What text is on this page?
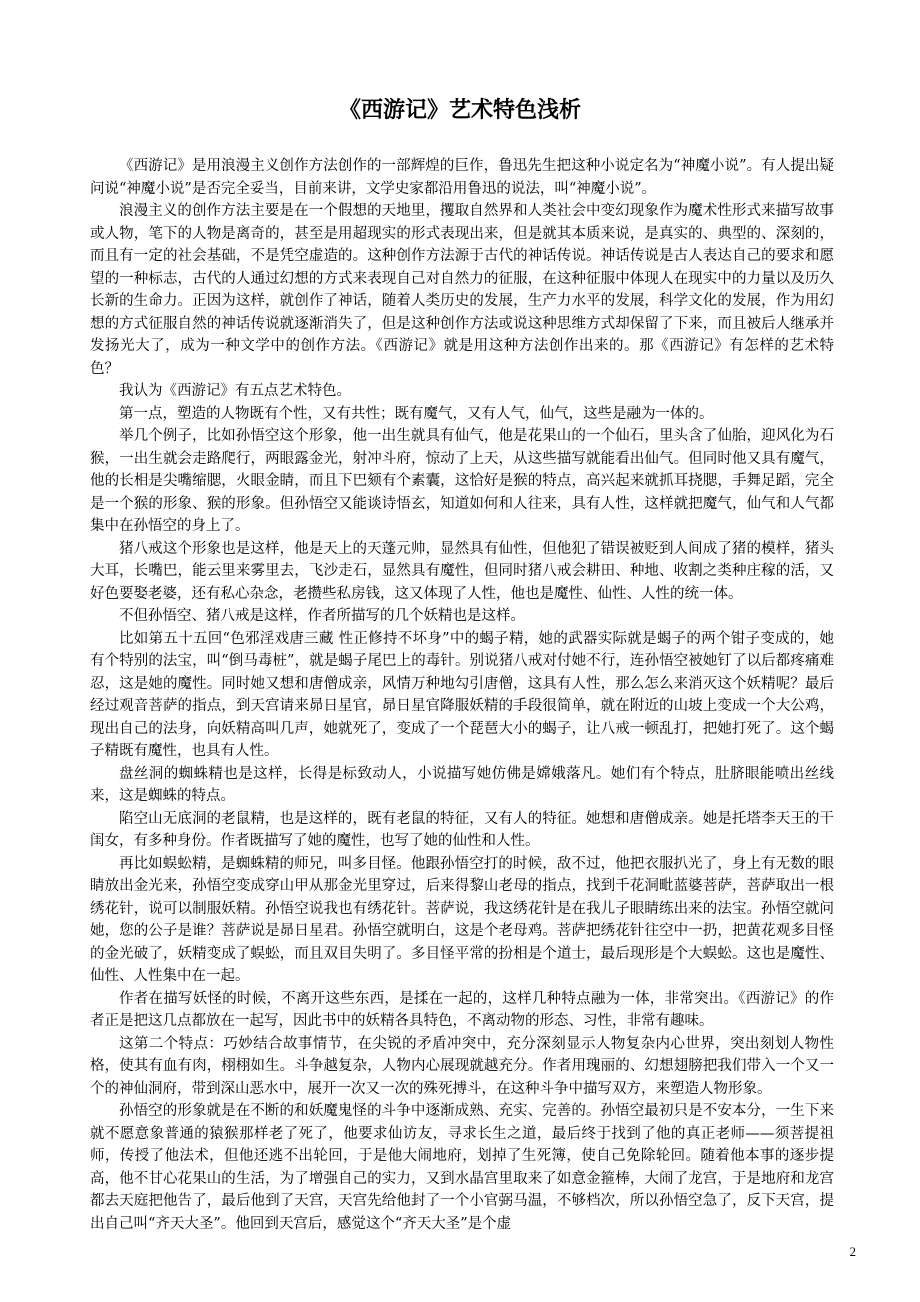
《西游记》艺术特色浅析

《西游记》是用浪漫主义创作方法创作的一部辉煌的巨作，鲁迅先生把这种小说定名为“神魔小说”。有人提出疑问说“神魔小说”是否完全妥当，目前来讲，文学史家都沿用鲁迅的说法，叫“神魔小说”。

浪漫主义的创作方法主要是在一个假想的天地里，攫取自然界和人类社会中变幻现象作为魔术性形式来描写故事或人物，笔下的人物是离奇的，甚至是用超现实的形式表现出来，但是就其本质来说，是真实的、典型的、深刻的，而且有一定的社会基础，不是凭空虚造的。这种创作方法源于古代的神话传说。神话传说是古人表达自己的要求和愿望的一种标志，古代的人通过幻想的方式来表现自己对自然力的征服，在这种征服中体现人在现实中的力量以及历久长新的生命力。正因为这样，就创作了神话，随着人类历史的发展，生产力水平的发展，科学文化的发展，作为用幻想的方式征服自然的神话传说就逐渐消失了，但是这种创作方法或说这种思维方式却保留了下来，而且被后人继承并发扬光大了，成为一种文学中的创作方法。《西游记》就是用这种方法创作出来的。那《西游记》有怎样的艺术特色？

我认为《西游记》有五点艺术特色。

第一点，塑造的人物既有个性，又有共性；既有魔气，又有人气，仙气，这些是融为一体的。

举几个例子，比如孙悟空这个形象，他一出生就具有仙气，他是花果山的一个仙石，里头含了仙胎，迎风化为石猴，一出生就会走路爬行，两眼露金光，射冲斗府，惊动了上天，从这些描写就能看出仙气。但同时他又具有魔气，他的长相是尖嘴缩腮，火眼金睛，而且下巴颏有个素囊，这恰好是猴的特点，高兴起来就抓耳挠腮，手舞足蹈，完全是一个猴的形象、猴的形象。但孙悟空又能谈诗悟玄，知道如何和人往来，具有人性，这样就把魔气，仙气和人气都集中在孙悟空的身上了。

猪八戒这个形象也是这样，他是天上的天蓬元帅，显然具有仙性，但他犯了错误被贬到人间成了猪的模样，猪头大耳，长嘴巴，能云里来雾里去，飞沙走石，显然具有魔性，但同时猪八戒会耕田、种地、收割之类种庄稼的活，又好色要娶老婆，还有私心杂念，老攒些私房钱，这又体现了人性，他也是魔性、仙性、人性的统一体。

不但孙悟空、猪八戒是这样，作者所描写的几个妖精也是这样。

比如第五十五回“色邪淫戏唐三藏 性正修持不坏身”中的蝎子精，她的武器实际就是蝎子的两个钳子变成的，她有个特别的法宝，叫“倒马毒桩”，就是蝎子尾巴上的毒针。别说猪八戒对付她不行，连孙悟空被她钉了以后都疼痛难忍，这是她的魔性。同时她又想和唐僧成亲，风情万种地勾引唐僧，这具有人性，那么怎么来消灭这个妖精呢？最后经过观音菩萨的指点，到天宫请来昴日星官，昴日星官降服妖精的手段很简单，就在附近的山坡上变成一个大公鸡，现出自己的法身，向妖精高叫几声，她就死了，变成了一个琵琶大小的蝎子，让八戒一顿乱打，把她打死了。这个蝎子精既有魔性，也具有人性。

盘丝洞的蜘蛛精也是这样，长得是标致动人，小说描写她仿佛是嫦娥落凡。她们有个特点，肚脐眼能喷出丝线来，这是蜘蛛的特点。

陷空山无底洞的老鼠精，也是这样的，既有老鼠的特征，又有人的特征。她想和唐僧成亲。她是托塔李天王的干闺女，有多种身份。作者既描写了她的魔性，也写了她的仙性和人性。

再比如蜈蚣精，是蜘蛛精的师兄，叫多目怪。他跟孙悟空打的时候，敌不过，他把衣服扒光了，身上有无数的眼睛放出金光来，孙悟空变成穿山甲从那金光里穿过，后来得黎山老母的指点，找到千花洞毗蓝婆菩萨，菩萨取出一根绣花针，说可以制服妖精。孙悟空说我也有绣花针。菩萨说，我这绣花针是在我儿子眼睛练出来的法宝。孙悟空就问她，您的公子是谁？菩萨说是昴日星君。孙悟空就明白，这是个老母鸡。菩萨把绣花针往空中一扔，把黄花观多目怪的金光破了，妖精变成了蜈蚣，而且双目失明了。多目怪平常的扮相是个道士，最后现形是个大蜈蚣。这也是魔性、仙性、人性集中在一起。

作者在描写妖怪的时候，不离开这些东西，是揉在一起的，这样几种特点融为一体，非常突出。《西游记》的作者正是把这几点都放在一起写，因此书中的妖精各具特色，不离动物的形态、习性，非常有趣味。

这第二个特点：巧妙结合故事情节，在尖锐的矛盾冲突中，充分深刻显示人物复杂内心世界，突出刻划人物性格，使其有血有肉，栩栩如生。斗争越复杂，人物内心展现就越充分。作者用瑰丽的、幻想翅膀把我们带入一个又一个的神仙洞府，带到深山恶水中，展开一次又一次的殊死搏斗，在这种斗争中描写双方，来塑造人物形象。

孙悟空的形象就是在不断的和妖魔鬼怪的斗争中逐渐成熟、充实、完善的。孙悟空最初只是不安本分，一生下来就不愿意象普通的猿猴那样老了死了，他要求仙访友，寻求长生之道，最后终于找到了他的真正老师——须菩提祖师，传授了他法术，但他还逃不出轮回，于是他大闹地府，划掉了生死簿，使自己免除轮回。随着他本事的逐步提高，他不甘心花果山的生活，为了增强自己的实力，又到水晶宫里取来了如意金箍棒，大闹了龙宫，于是地府和龙宫都去天庭把他告了，最后他到了天宫，天宫先给他封了一个小官弼马温，不够档次，所以孙悟空急了，反下天宫，提出自己叫“齐天大圣”。他回到天宫后，感觉这个“齐天大圣”是个虚

2
